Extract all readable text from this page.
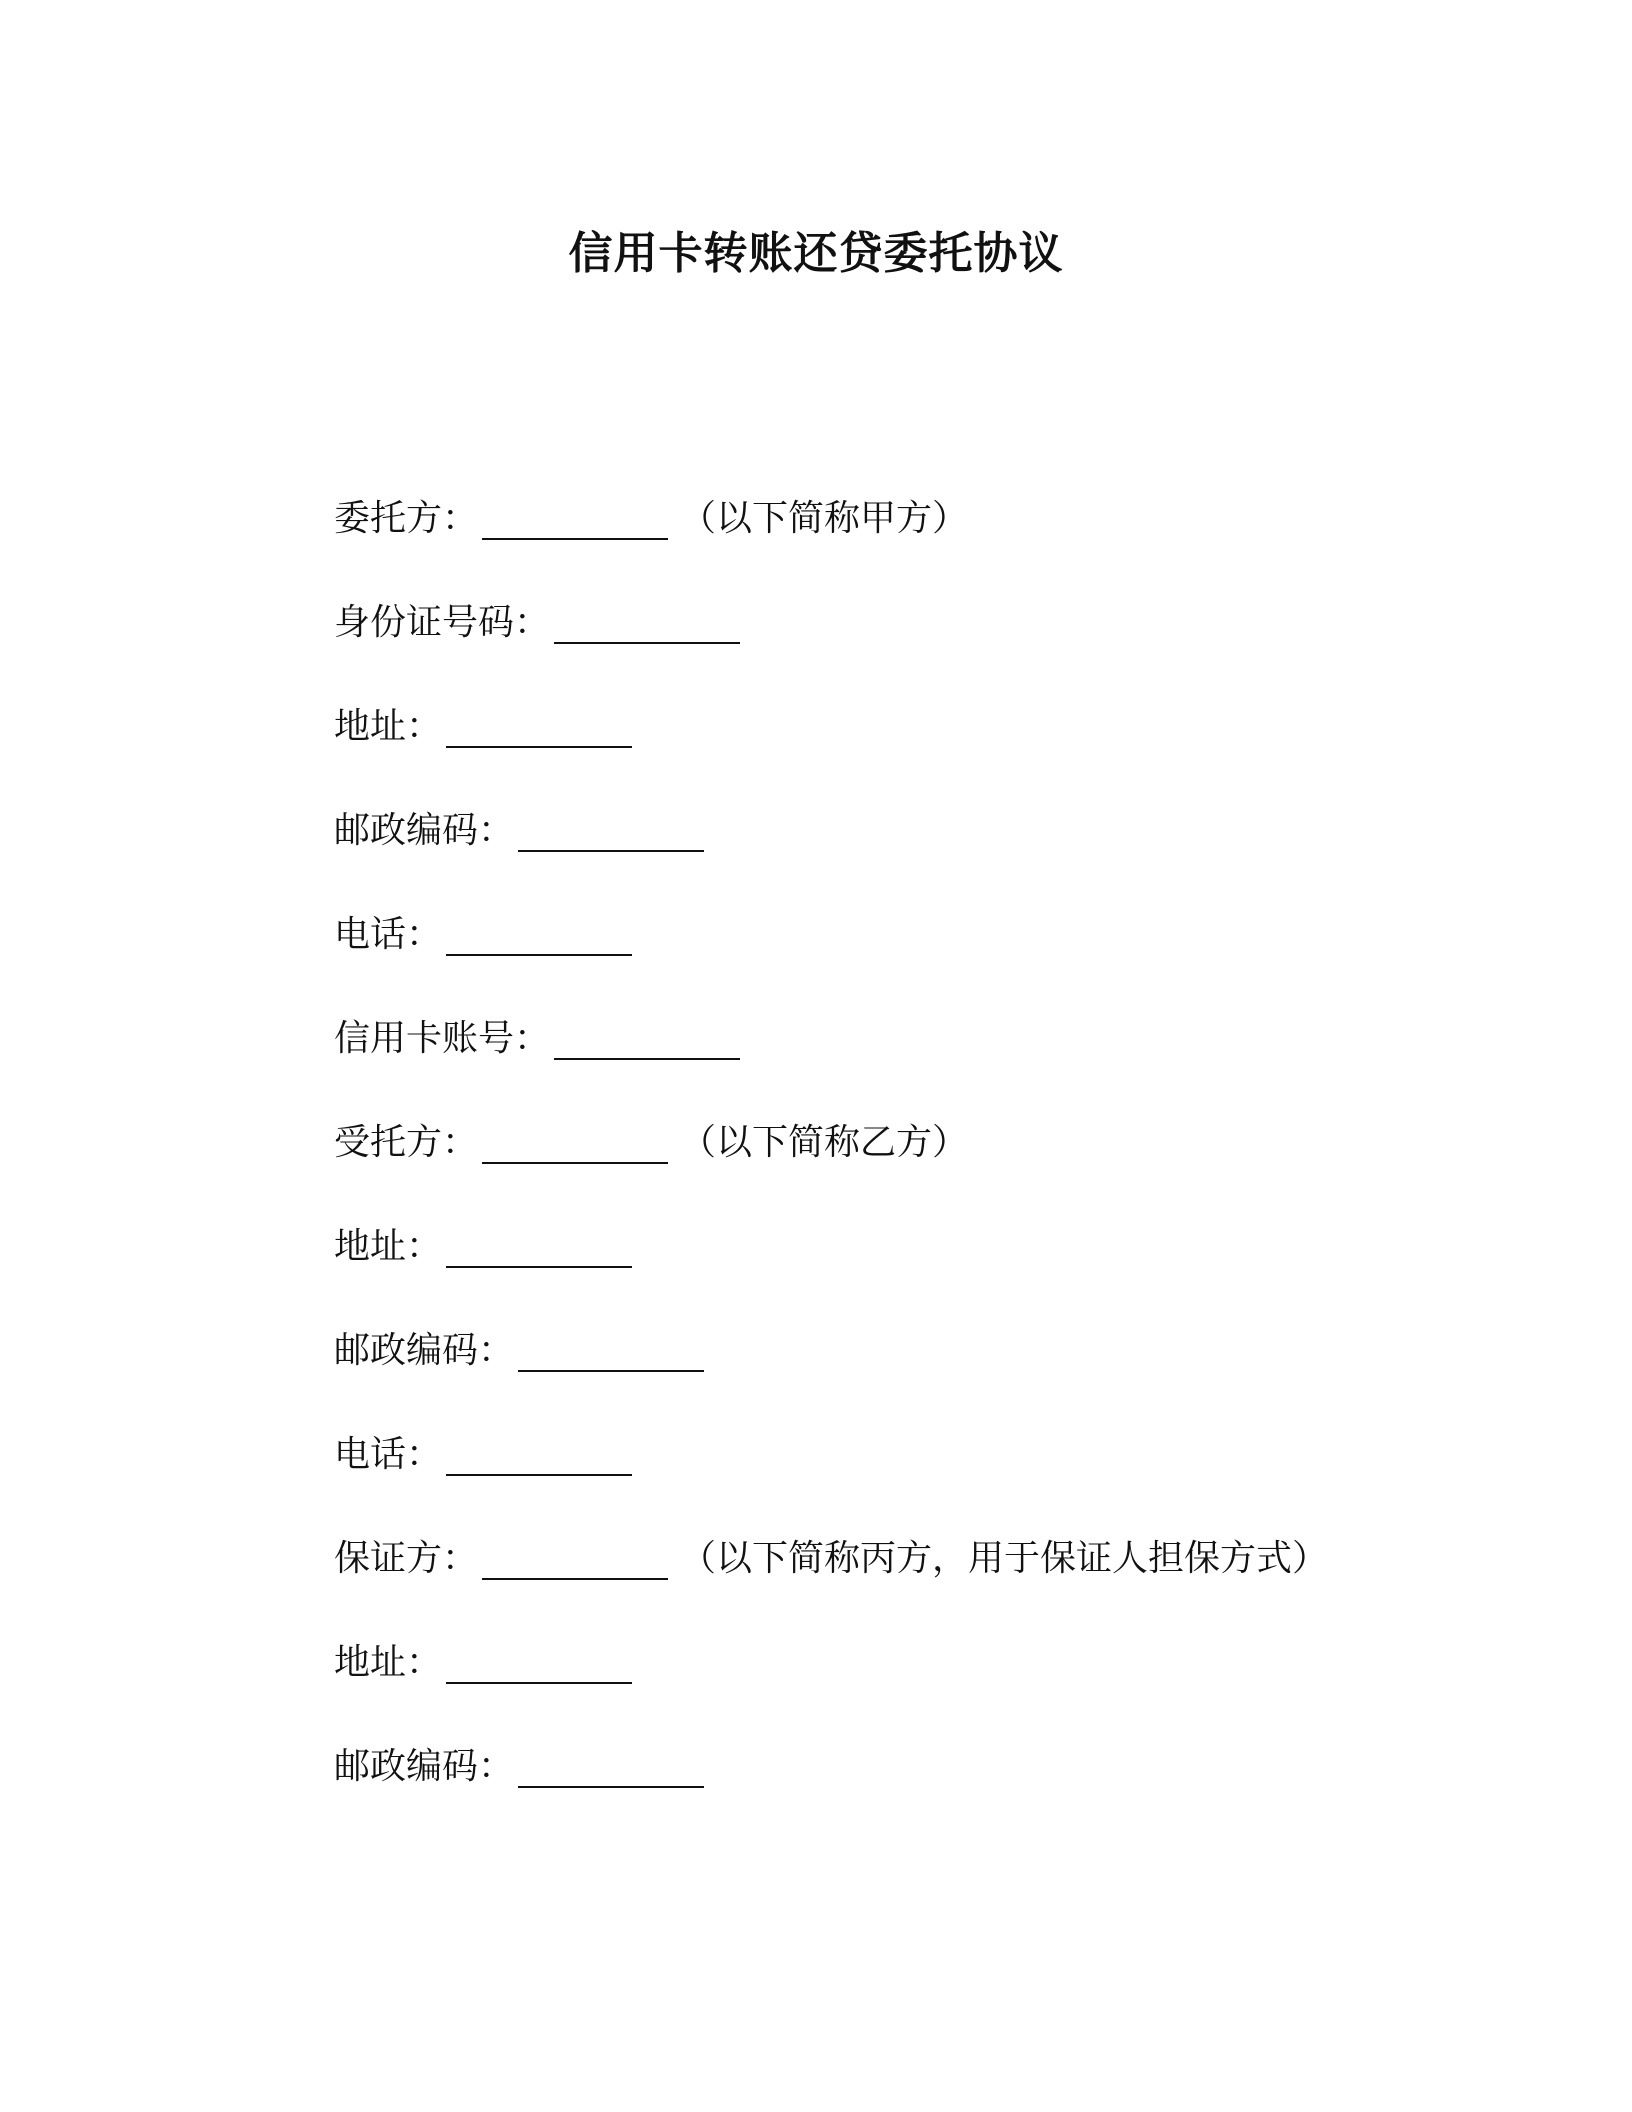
信用卡转账还贷委托协议
委托方：	（以下简称甲方）
身份证号码：
地址：
邮政编码：
电话：
信用卡账号：
受托方：	（以下简称乙方）
地址：
邮政编码：
电话：
保证方：	（以下简称丙方，用于保证人担保方式）
地址：
邮政编码：
